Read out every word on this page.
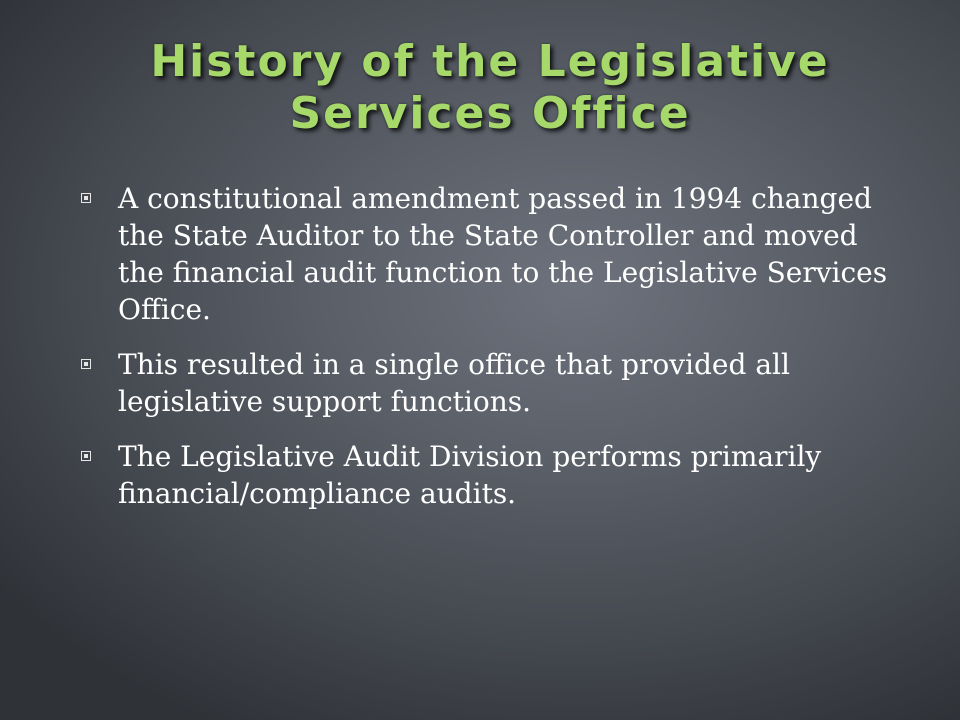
History of the Legislative Services Office
A constitutional amendment passed in 1994 changed the State Auditor to the State Controller and moved the financial audit function to the Legislative Services Office.
This resulted in a single office that provided all legislative support functions.
The Legislative Audit Division performs primarily financial/compliance audits.
